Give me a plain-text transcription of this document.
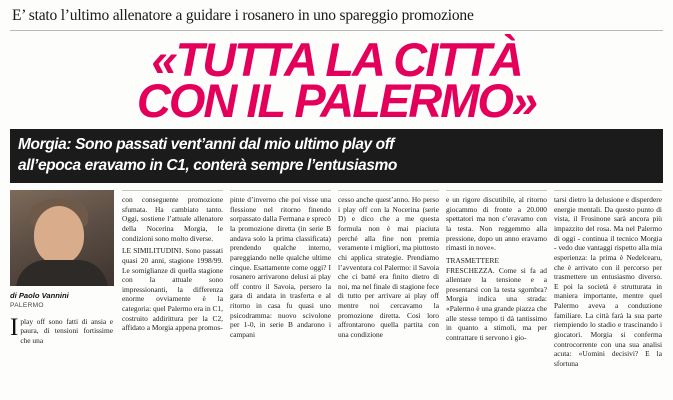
E’ stato l’ultimo allenatore a guidare i rosanero in uno spareggio promozione
«TUTTA LA CITTÀ
CON IL PALERMO»
Morgia: Sono passati vent’anni dal mio ultimo play off
all’epoca eravamo in C1, conterà sempre l’entusiasmo
di Paolo Vannini
PALERMO
I play off sono fatti di ansia e paura, di tensioni fortissime che una

con conseguente promozione sfumata. Ha cambiato tanto. Oggi, sostiene l’attuale allenatore della Nocerina Morgia, le condizioni sono molto diverse.

LE SIMILITUDINI. Sono passati quasi 20 anni, stagione 1998/99. Le somiglianze di quella stagione con la attuale sono impressionanti, la differenza enorme ovviamente è la categoria: quel Palermo era in C1, costruito addirittura per la C2, affidato a Morgia appena promos-

pinte d’inverno che poi visse una flessione nel ritorno finendo sorpassato dalla Fermana e sprecò la promozione diretta (in serie B andava solo la prima classificata) prendendo qualche interno, pareggiando nelle qualche ultime cinque. Esattamente come oggi? I rosanero arrivarono delusi ai play off contro il Savoia, persero la gara di andata in trasferta e al ritorno in casa fu quasi uno psicodramma: nuovo scivolone per 1-0, in serie B andarono i campani

cesso anche quest’anno. Ho perso i play off con la Nocerina (serie D) e dico che a me questa formula non è mai piaciuta perché alla fine non premia veramente i migliori, ma piuttosto chi applica strategie. Prendiamo l’avventura col Palermo: il Savoia che ci batté era finito dietro di noi, ma nel finale di stagione fece di tutto per arrivare ai play off mentre noi cercavamo la promozione diretta. Così loro affrontarono quella partita con una condizione

e un rigore discutibile, al ritorno giocammo di fronte a 20.000 spettatori ma non c’eravamo con la testa. Non reggemmo alla pressione, dopo un anno eravamo rimasti in nove».

TRASMETTERE FRESCHEZZA. Come si fa ad allentare la tensione e a presentarsi con la testa sgombra? Morgia indica una strada: «Palermo è una grande piazza che alle stesse tempo ti dà tantissimo in quanto a stimoli, ma per contrattare ti servono i gio-

tarsi dietro la delusione e disperdere energie mentali. Da questo punto di vista, il Frosinone sarà ancora più impazzito del rosa. Ma nel Palermo di oggi - continua il tecnico Morgia - vedo due vantaggi rispetto alla mia esperienza: la prima è Nedelcearu, che è arrivato con il percorso per trasmettere un entusiasmo diverso. E poi la società è strutturata in maniera importante, mentre quel Palermo aveva a conduzione familiare. La città farà la sua parte riempiendo lo stadio e trascinando i giocatori. Morgia si conferma controcorrente con una sua analisi acuta: «Uomini decisivi? E la sfortuna
